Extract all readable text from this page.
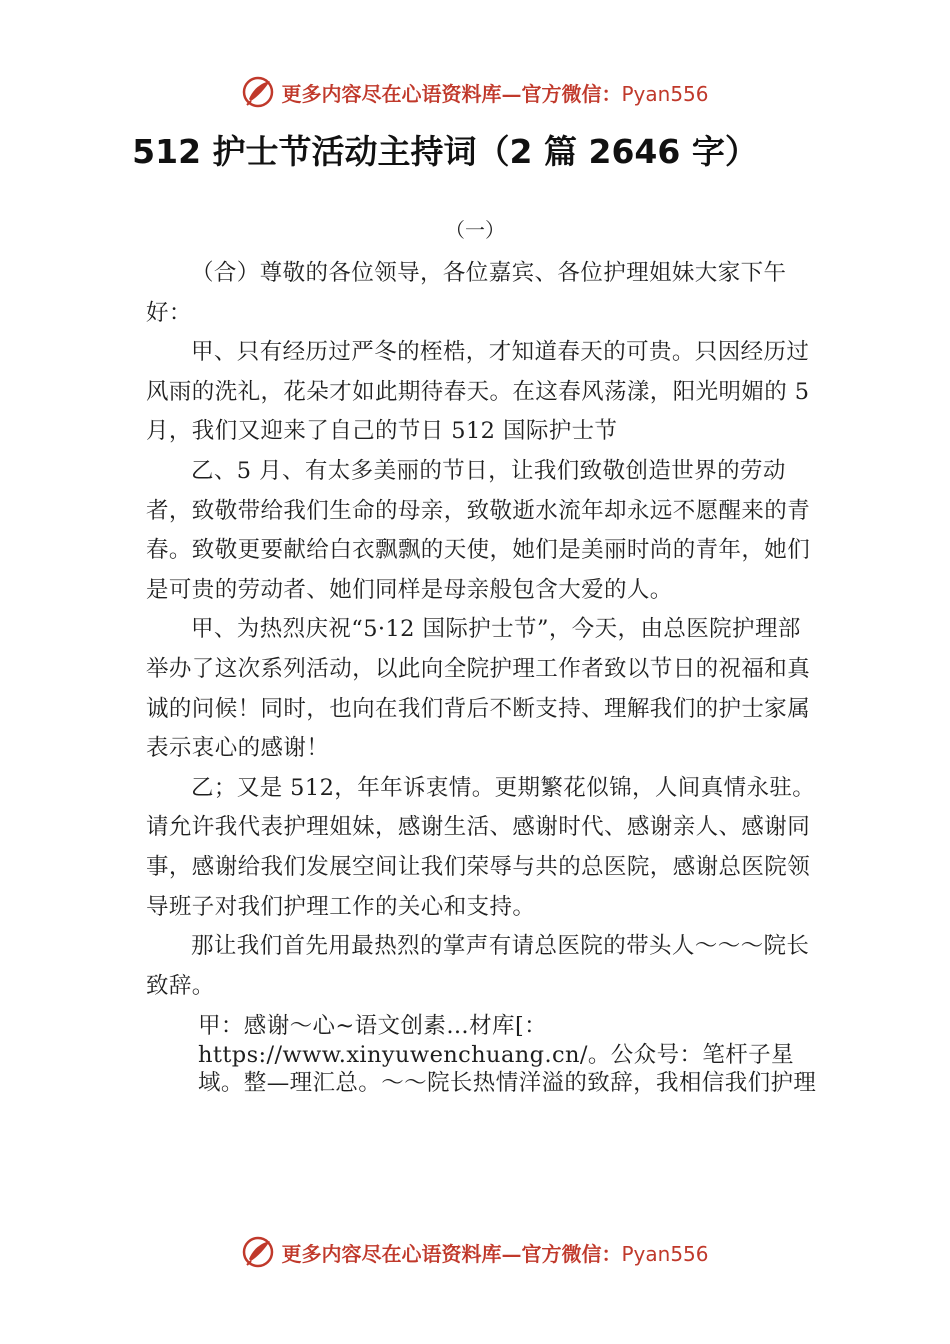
更多内容尽在心语资料库—官方微信：Pyan556
512 护士节活动主持词（2 篇 2646 字）
（一）

（合）尊敬的各位领导，各位嘉宾、各位护理姐妹大家下午好：

甲、只有经历过严冬的桎梏，才知道春天的可贵。只因经历过风雨的洗礼，花朵才如此期待春天。在这春风荡漾，阳光明媚的 5 月，我们又迎来了自己的节日 512 国际护士节

乙、5 月、有太多美丽的节日，让我们致敬创造世界的劳动者，致敬带给我们生命的母亲，致敬逝水流年却永远不愿醒来的青春。致敬更要献给白衣飘飘的天使，她们是美丽时尚的青年，她们是可贵的劳动者、她们同样是母亲般包含大爱的人。

甲、为热烈庆祝“5·12 国际护士节”，今天，由总医院护理部举办了这次系列活动，以此向全院护理工作者致以节日的祝福和真诚的问候！同时，也向在我们背后不断支持、理解我们的护士家属表示衷心的感谢！

乙；又是 512，年年诉衷情。更期繁花似锦，人间真情永驻。请允许我代表护理姐妹，感谢生活、感谢时代、感谢亲人、感谢同事，感谢给我们发展空间让我们荣辱与共的总医院，感谢总医院领导班子对我们护理工作的关心和支持。

那让我们首先用最热烈的掌声有请总医院的带头人～～～院长致辞。

甲：感谢～心~语文创素…材库[：https://www.xinyuwenchuang.cn/。公众号：笔杆子星域。整—理汇总。～～院长热情洋溢的致辞，我相信我们护理

更多内容尽在心语资料库—官方微信：Pyan556
